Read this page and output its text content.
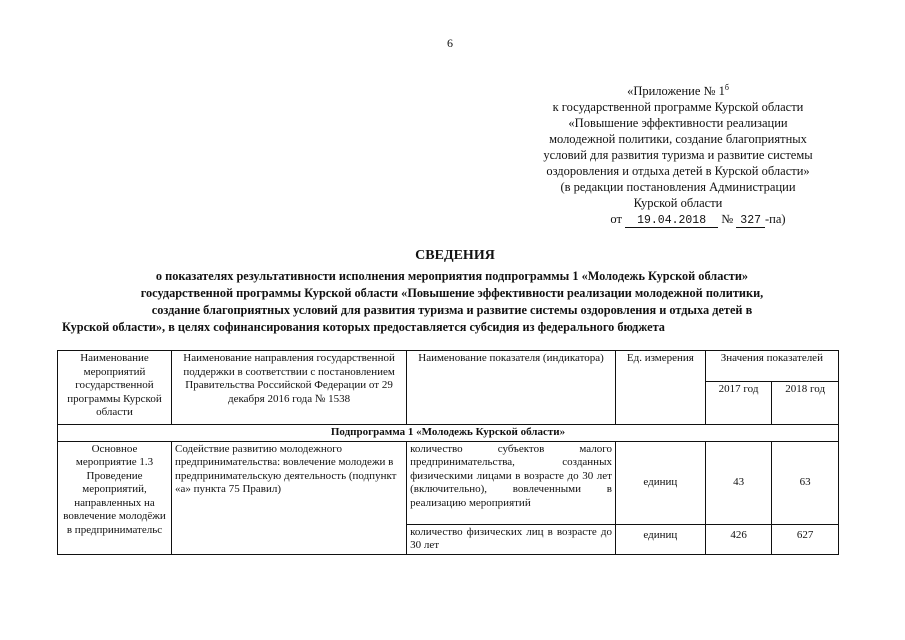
6
«Приложение № $1^б$
к государственной программе Курской области
«Повышение эффективности реализации
молодежной политики, создание благоприятных
условий для развития туризма и развитие системы
оздоровления и отдыха детей в Курской области»
(в редакции постановления Администрации
Курской области
от 19.04.2018 № 327 -па)
СВЕДЕНИЯ
о показателях результативности исполнения мероприятия подпрограммы 1 «Молодежь Курской области»
государственной программы Курской области «Повышение эффективности реализации молодежной политики,
создание благоприятных условий для развития туризма и развитие системы оздоровления и отдыха детей в
Курской области», в целях софинансирования которых предоставляется субсидия из федерального бюджета
Наименование мероприятий государственной программы Курской области	Наименование направления государственной поддержки в соответствии с постановлением Правительства Российской Федерации от 29 декабря 2016 года № 1538	Наименование показателя (индикатора)	Ед. измерения	Значения показателей	
				2017 год	2018 год
Подпрограмма 1 «Молодежь Курской области»					

Основное мероприятие 1.3 Проведение мероприятий, направленных на вовлечение молодёжи в предпринимательс	Содействие развитию молодежного предпринимательства: вовлечение молодежи в предпринимательскую деятельность (подпункт «а» пункта 75 Правил)	количество субъектов малого предпринимательства, созданных физическими лицами в возрасте до 30 лет (включительно), вовлеченными в реализацию мероприятий	единиц	43	63

		количество физических лиц в возрасте до 30 лет	единиц	426	627
